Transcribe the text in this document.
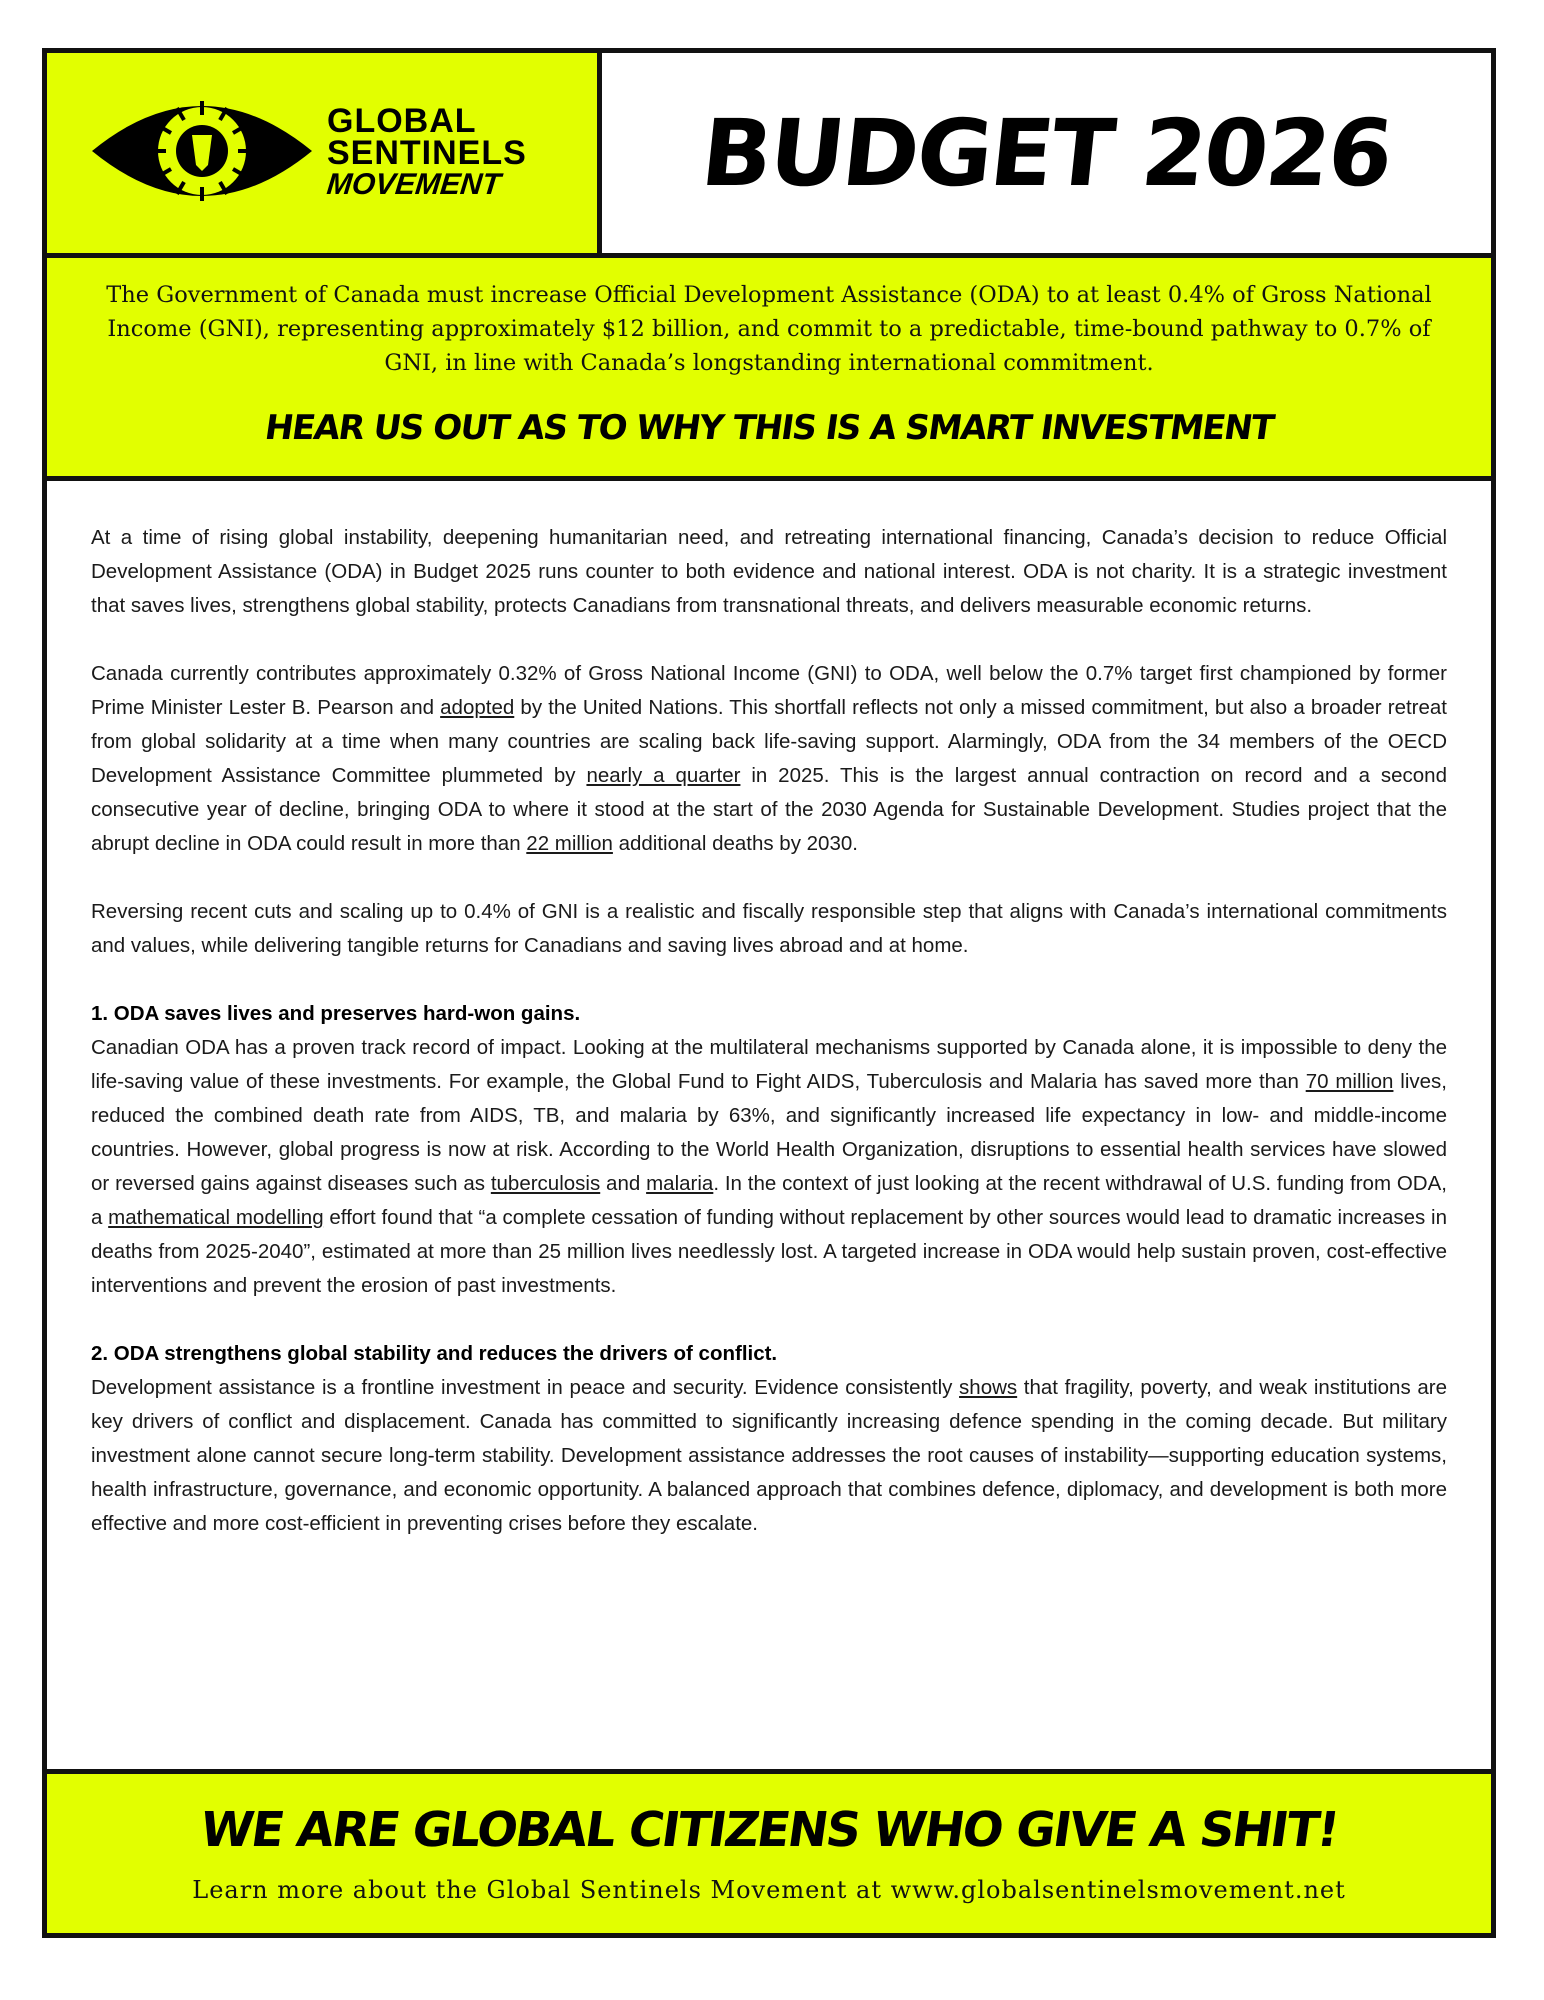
GLOBAL
SENTINELS
MOVEMENT BUDGET 2026
The Government of Canada must increase Official Development Assistance (ODA) to at least 0.4% of Gross National Income (GNI), representing approximately $12 billion, and commit to a predictable, time-bound pathway to 0.7% of GNI, in line with Canada’s longstanding international commitment.
HEAR US OUT AS TO WHY THIS IS A SMART INVESTMENT

At a time of rising global instability, deepening humanitarian need, and retreating international financing, Canada’s decision to reduce Official Development Assistance (ODA) in Budget 2025 runs counter to both evidence and national interest. ODA is not charity. It is a strategic investment that saves lives, strengthens global stability, protects Canadians from transnational threats, and delivers measurable economic returns.

Canada currently contributes approximately 0.32% of Gross National Income (GNI) to ODA, well below the 0.7% target first championed by former Prime Minister Lester B. Pearson and adopted by the United Nations. This shortfall reflects not only a missed commitment, but also a broader retreat from global solidarity at a time when many countries are scaling back life-saving support. Alarmingly, ODA from the 34 members of the OECD Development Assistance Committee plummeted by nearly a quarter in 2025. This is the largest annual contraction on record and a second consecutive year of decline, bringing ODA to where it stood at the start of the 2030 Agenda for Sustainable Development. Studies project that the abrupt decline in ODA could result in more than 22 million additional deaths by 2030.

Reversing recent cuts and scaling up to 0.4% of GNI is a realistic and fiscally responsible step that aligns with Canada’s international commitments and values, while delivering tangible returns for Canadians and saving lives abroad and at home.

1. ODA saves lives and preserves hard-won gains.

Canadian ODA has a proven track record of impact. Looking at the multilateral mechanisms supported by Canada alone, it is impossible to deny the life-saving value of these investments. For example, the Global Fund to Fight AIDS, Tuberculosis and Malaria has saved more than 70 million lives, reduced the combined death rate from AIDS, TB, and malaria by 63%, and significantly increased life expectancy in low- and middle-income countries. However, global progress is now at risk. According to the World Health Organization, disruptions to essential health services have slowed or reversed gains against diseases such as tuberculosis and malaria. In the context of just looking at the recent withdrawal of U.S. funding from ODA, a mathematical modelling effort found that “a complete cessation of funding without replacement by other sources would lead to dramatic increases in deaths from 2025-2040”, estimated at more than 25 million lives needlessly lost. A targeted increase in ODA would help sustain proven, cost-effective interventions and prevent the erosion of past investments.

2. ODA strengthens global stability and reduces the drivers of conflict.

Development assistance is a frontline investment in peace and security. Evidence consistently shows that fragility, poverty, and weak institutions are key drivers of conflict and displacement. Canada has committed to significantly increasing defence spending in the coming decade. But military investment alone cannot secure long-term stability. Development assistance addresses the root causes of instability—supporting education systems, health infrastructure, governance, and economic opportunity. A balanced approach that combines defence, diplomacy, and development is both more effective and more cost-efficient in preventing crises before they escalate.

WE ARE GLOBAL CITIZENS WHO GIVE A SHIT!
Learn more about the Global Sentinels Movement at www.globalsentinelsmovement.net
